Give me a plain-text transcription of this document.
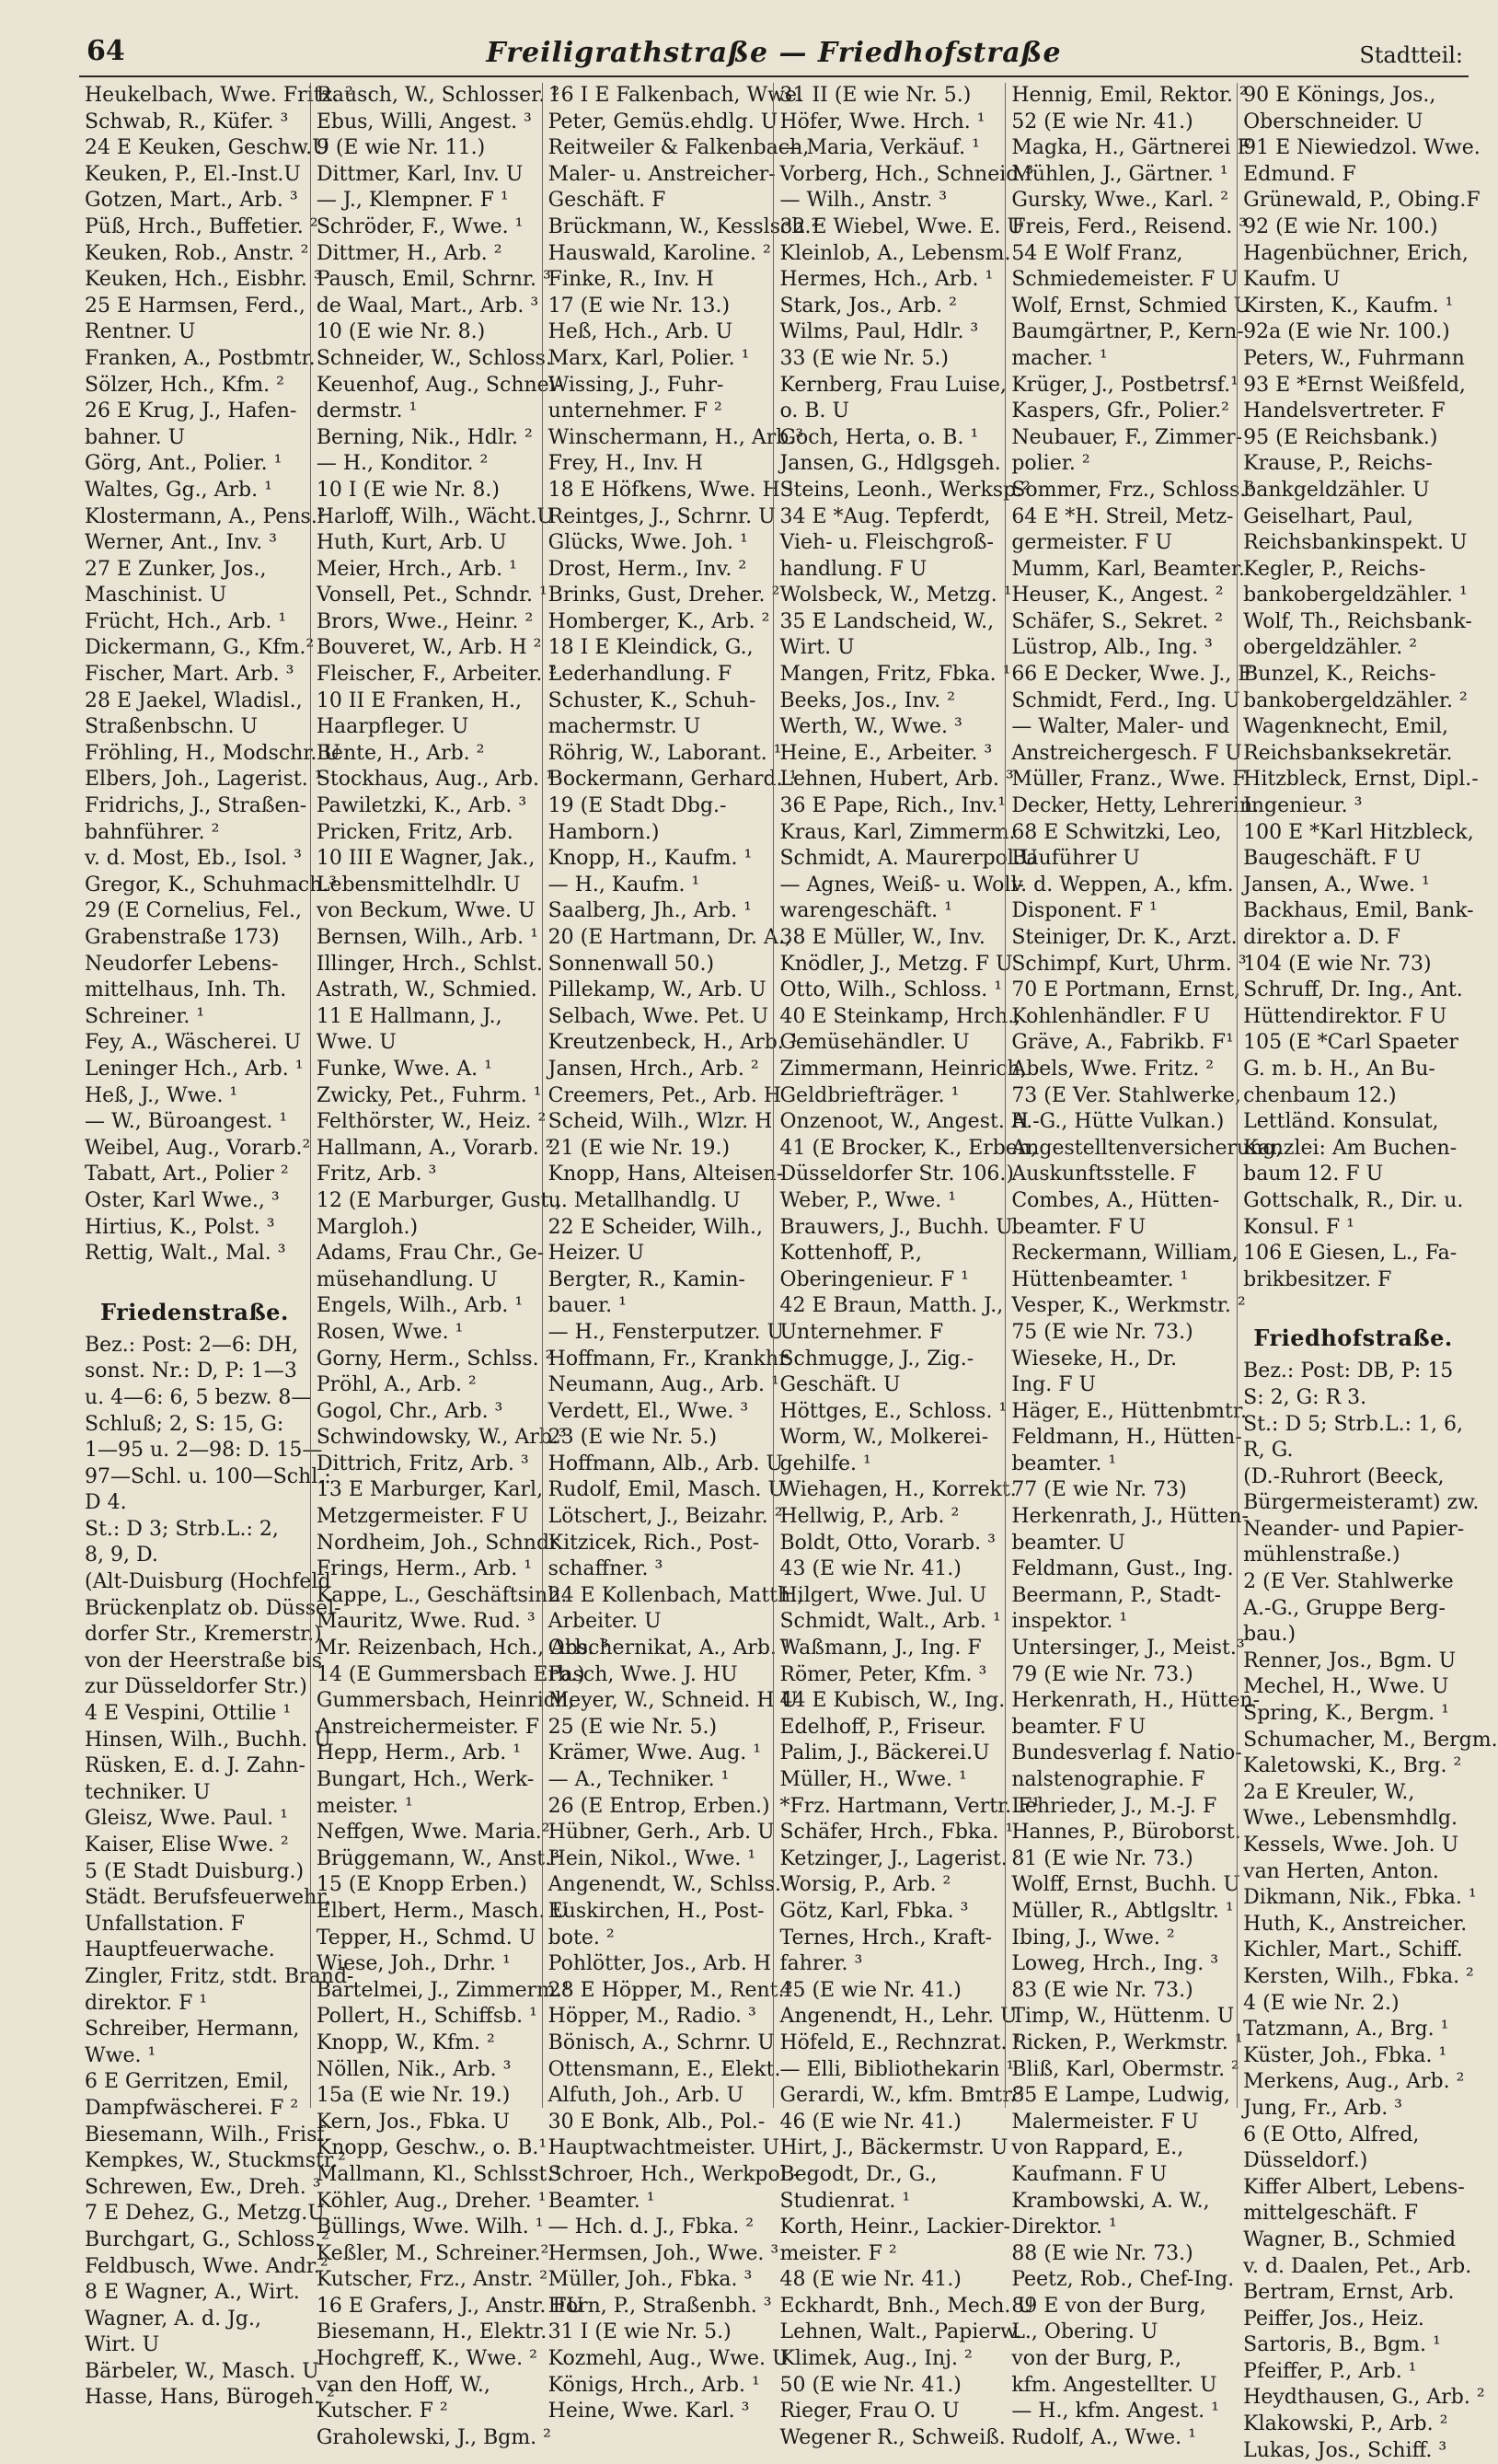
64	Freiligrathstraße — Friedhofstraße	Stadtteil:
Heukelbach, Wwe. Fritz. ²
Schwab, R., Küfer. ³
24 E Keuken, Geschw.U
Keuken, P., El.-Inst.U
Gotzen, Mart., Arb. ³
Püß, Hrch., Buffetier. ²
Keuken, Rob., Anstr. ²
Keuken, Hch., Eisbhr. ³
25 E Harmsen, Ferd.,
Rentner. U
Franken, A., Postbmtr.
Sölzer, Hch., Kfm. ²
26 E Krug, J., Hafen-
bahner. U
Görg, Ant., Polier. ¹
Waltes, Gg., Arb. ¹
Klostermann, A., Pens.²
Werner, Ant., Inv. ³
27 E Zunker, Jos.,
Maschinist. U
Frücht, Hch., Arb. ¹
Dickermann, G., Kfm.²
Fischer, Mart. Arb. ³
28 E Jaekel, Wladisl.,
Straßenbschn. U
Fröhling, H., Modschr. U
Elbers, Joh., Lagerist. ¹
Fridrichs, J., Straßen-
bahnführer. ²
v. d. Most, Eb., Isol. ³
Gregor, K., Schuhmach.³
29 (E Cornelius, Fel.,
Grabenstraße 173)
Neudorfer Lebens-
mittelhaus, Inh. Th.
Schreiner. ¹
Fey, A., Wäscherei. U
Leninger Hch., Arb. ¹
Heß, J., Wwe. ¹
— W., Büroangest. ¹
Weibel, Aug., Vorarb.²
Tabatt, Art., Polier ²
Oster, Karl Wwe., ³
Hirtius, K., Polst. ³
Rettig, Walt., Mal. ³
Friedenstraße.
Bez.: Post: 2—6: DH,
sonst. Nr.: D, P: 1—3
u. 4—6: 6, 5 bezw. 8—
Schluß; 2, S: 15, G:
1—95 u. 2—98: D. 15—
97—Schl. u. 100—Schl.:
D 4.
St.: D 3; Strb.L.: 2,
8, 9, D.
(Alt-Duisburg (Hochfeld
Brückenplatz ob. Düssel-
dorfer Str., Kremerstr.)
von der Heerstraße bis
zur Düsseldorfer Str.)
4 E Vespini, Ottilie ¹
Hinsen, Wilh., Buchh. U
Rüsken, E. d. J. Zahn-
techniker. U
Gleisz, Wwe. Paul. ¹
Kaiser, Elise Wwe. ²
5 (E Stadt Duisburg.)
Städt. Berufsfeuerwehr,
Unfallstation. F
Hauptfeuerwache.
Zingler, Fritz, stdt. Brand-
direktor. F ¹
Schreiber, Hermann,
Wwe. ¹
6 E Gerritzen, Emil,
Dampfwäscherei. F ²
Biesemann, Wilh., Frisf.
Kempkes, W., Stuckmstr.²
Schrewen, Ew., Dreh. ³
7 E Dehez, G., Metzg.U
Burchgart, G., Schloss.²
Feldbusch, Wwe. Andr.²
8 E Wagner, A., Wirt.
Wagner, A. d. Jg.,
Wirt. U
Bärbeler, W., Masch. U
Hasse, Hans, Bürogeh. ²
Rausch, W., Schlosser. ²
Ebus, Willi, Angest. ³
9 (E wie Nr. 11.)
Dittmer, Karl, Inv. U
— J., Klempner. F ¹
Schröder, F., Wwe. ¹
Dittmer, H., Arb. ²
Pausch, Emil, Schrnr. ³
de Waal, Mart., Arb. ³
10 (E wie Nr. 8.)
Schneider, W., Schloss.
Keuenhof, Aug., Schnei-
dermstr. ¹
Berning, Nik., Hdlr. ²
— H., Konditor. ²
10 I (E wie Nr. 8.)
Harloff, Wilh., Wächt.U
Huth, Kurt, Arb. U
Meier, Hrch., Arb. ¹
Vonsell, Pet., Schndr. ¹
Brors, Wwe., Heinr. ²
Bouveret, W., Arb. H ²
Fleischer, F., Arbeiter. ²
10 II E Franken, H.,
Haarpfleger. U
Bente, H., Arb. ²
Stockhaus, Aug., Arb. ¹
Pawiletzki, K., Arb. ³
Pricken, Fritz, Arb.
10 III E Wagner, Jak.,
Lebensmittelhdlr. U
von Beckum, Wwe. U
Bernsen, Wilh., Arb. ¹
Illinger, Hrch., Schlst.
Astrath, W., Schmied.
11 E Hallmann, J.,
Wwe. U
Funke, Wwe. A. ¹
Zwicky, Pet., Fuhrm. ¹
Felthörster, W., Heiz. ²
Hallmann, A., Vorarb. ²
Fritz, Arb. ³
12 (E Marburger, Gust.,
Margloh.)
Adams, Frau Chr., Ge-
müsehandlung. U
Engels, Wilh., Arb. ¹
Rosen, Wwe. ¹
Gorny, Herm., Schlss. ²
Pröhl, A., Arb. ²
Gogol, Chr., Arb. ³
Schwindowsky, W., Arb.³
Dittrich, Fritz, Arb. ³
13 E Marburger, Karl,
Metzgermeister. F U
Nordheim, Joh., Schndr.
Frings, Herm., Arb. ¹
Kappe, L., Geschäftsinh.
Mauritz, Wwe. Rud. ³
Mr. Reizenbach, Hch., Arb. ³
14 (E Gummersbach Erb.)
Gummersbach, Heinrich,
Anstreichermeister. F
Hepp, Herm., Arb. ¹
Bungart, Hch., Werk-
meister. ¹
Neffgen, Wwe. Maria.²
Brüggemann, W., Anst.³
15 (E Knopp Erben.)
Elbert, Herm., Masch. U
Tepper, H., Schmd. U
Wiese, Joh., Drhr. ¹
Bartelmei, J., Zimmerm.¹
Pollert, H., Schiffsb. ¹
Knopp, W., Kfm. ²
Nöllen, Nik., Arb. ³
15a (E wie Nr. 19.)
Kern, Jos., Fbka. U
Knopp, Geschw., o. B.¹
Mallmann, Kl., Schlsst.¹
Köhler, Aug., Dreher. ¹
Büllings, Wwe. Wilh. ¹
Keßler, M., Schreiner.²
Kutscher, Frz., Anstr. ²
16 E Grafers, J., Anstr. FU
Biesemann, H., Elektr.
Hochgreff, K., Wwe. ²
van den Hoff, W.,
Kutscher. F ²
Graholewski, J., Bgm. ²
16 I E Falkenbach, Wwe.
Peter, Gemüs.ehdlg. U
Reitweiler & Falkenbach,
Maler- u. Anstreicher-
Geschäft. F
Brückmann, W., Kesslsch.²
Hauswald, Karoline. ²
Finke, R., Inv. H
17 (E wie Nr. 13.)
Heß, Hch., Arb. U
Marx, Karl, Polier. ¹
Wissing, J., Fuhr-
unternehmer. F ²
Winschermann, H., Arb.³
Frey, H., Inv. H
18 E Höfkens, Wwe. H ¹
Reintges, J., Schrnr. U
Glücks, Wwe. Joh. ¹
Drost, Herm., Inv. ²
Brinks, Gust, Dreher. ²
Homberger, K., Arb. ²
18 I E Kleindick, G.,
Lederhandlung. F
Schuster, K., Schuh-
machermstr. U
Röhrig, W., Laborant. ¹
Bockermann, Gerhard. ¹
19 (E Stadt Dbg.-
Hamborn.)
Knopp, H., Kaufm. ¹
— H., Kaufm. ¹
Saalberg, Jh., Arb. ¹
20 (E Hartmann, Dr. A.,
Sonnenwall 50.)
Pillekamp, W., Arb. U
Selbach, Wwe. Pet. U
Kreutzenbeck, H., Arb. ¹
Jansen, Hrch., Arb. ²
Creemers, Pet., Arb. H
Scheid, Wilh., Wlzr. H
21 (E wie Nr. 19.)
Knopp, Hans, Alteisen-
u. Metallhandlg. U
22 E Scheider, Wilh.,
Heizer. U
Bergter, R., Kamin-
bauer. ¹
— H., Fensterputzer. U
Hoffmann, Fr., Krankhr.
Neumann, Aug., Arb. ¹
Verdett, El., Wwe. ³
23 (E wie Nr. 5.)
Hoffmann, Alb., Arb. U
Rudolf, Emil, Masch. U
Lötschert, J., Beizahr. ²
Kitzicek, Rich., Post-
schaffner. ³
24 E Kollenbach, Matth.,
Arbeiter. U
Obschernikat, A., Arb. ¹
Pasch, Wwe. J. HU
Meyer, W., Schneid. H U
25 (E wie Nr. 5.)
Krämer, Wwe. Aug. ¹
— A., Techniker. ¹
26 (E Entrop, Erben.)
Hübner, Gerh., Arb. U
Hein, Nikol., Wwe. ¹
Angenendt, W., Schlss. ¹
Euskirchen, H., Post-
bote. ²
Pohlötter, Jos., Arb. H
28 E Höpper, M., Rent.³
Höpper, M., Radio. ³
Bönisch, A., Schrnr. U
Ottensmann, E., Elekt.
Alfuth, Joh., Arb. U
30 E Bonk, Alb., Pol.-
Hauptwachtmeister. U
Schroer, Hch., Werkpol.-
Beamter. ¹
— Hch. d. J., Fbka. ²
Hermsen, Joh., Wwe. ³
Müller, Joh., Fbka. ³
Horn, P., Straßenbh. ³
31 I (E wie Nr. 5.)
Kozmehl, Aug., Wwe. U
Königs, Hrch., Arb. ¹
Heine, Wwe. Karl. ³
31 II (E wie Nr. 5.)
Höfer, Wwe. Hrch. ¹
— Maria, Verkäuf. ¹
Vorberg, Hch., Schneid.³
— Wilh., Anstr. ³
32 E Wiebel, Wwe. E. U
Kleinlob, A., Lebensm.
Hermes, Hch., Arb. ¹
Stark, Jos., Arb. ²
Wilms, Paul, Hdlr. ³
33 (E wie Nr. 5.)
Kernberg, Frau Luise,
o. B. U
Goch, Herta, o. B. ¹
Jansen, G., Hdlgsgeh.
Steins, Leonh., Werksp.²
34 E *Aug. Tepferdt,
Vieh- u. Fleischgroß-
handlung. F U
Wolsbeck, W., Metzg. ¹
35 E Landscheid, W.,
Wirt. U
Mangen, Fritz, Fbka. ¹
Beeks, Jos., Inv. ²
Werth, W., Wwe. ³
Heine, E., Arbeiter. ³
Lehnen, Hubert, Arb. ³
36 E Pape, Rich., Inv.¹
Kraus, Karl, Zimmerm.
Schmidt, A. Maurerpol.U
— Agnes, Weiß- u. Woll-
warengeschäft. ¹
38 E Müller, W., Inv.
Knödler, J., Metzg. F U
Otto, Wilh., Schloss. ¹
40 E Steinkamp, Hrch.,
Gemüsehändler. U
Zimmermann, Heinrich,
Geldbriefträger. ¹
Onzenoot, W., Angest. H
41 (E Brocker, K., Erben,
Düsseldorfer Str. 106.)
Weber, P., Wwe. ¹
Brauwers, J., Buchh. U
Kottenhoff, P.,
Oberingenieur. F ¹
42 E Braun, Matth. J.,
Unternehmer. F
Schmugge, J., Zig.-
Geschäft. U
Höttges, E., Schloss. ¹
Worm, W., Molkerei-
gehilfe. ¹
Wiehagen, H., Korrekt.
Hellwig, P., Arb. ²
Boldt, Otto, Vorarb. ³
43 (E wie Nr. 41.)
Hilgert, Wwe. Jul. U
Schmidt, Walt., Arb. ¹
Waßmann, J., Ing. F
Römer, Peter, Kfm. ³
44 E Kubisch, W., Ing.
Edelhoff, P., Friseur.
Palim, J., Bäckerei.U
Müller, H., Wwe. ¹
*Frz. Hartmann, Vertr. F¹
Schäfer, Hrch., Fbka. ¹
Ketzinger, J., Lagerist.
Worsig, P., Arb. ²
Götz, Karl, Fbka. ³
Ternes, Hrch., Kraft-
fahrer. ³
45 (E wie Nr. 41.)
Angenendt, H., Lehr. U
Höfeld, E., Rechnzrat. ¹
— Elli, Bibliothekarin ¹
Gerardi, W., kfm. Bmtr.²
46 (E wie Nr. 41.)
Hirt, J., Bäckermstr. U
Begodt, Dr., G.,
Studienrat. ¹
Korth, Heinr., Lackier-
meister. F ²
48 (E wie Nr. 41.)
Eckhardt, Bnh., Mech. U
Lehnen, Walt., Papierw.
Klimek, Aug., Inj. ²
50 (E wie Nr. 41.)
Rieger, Frau O. U
Wegener R., Schweiß. ¹
Hennig, Emil, Rektor. ²
52 (E wie Nr. 41.)
Magka, H., Gärtnerei F
Mühlen, J., Gärtner. ¹
Gursky, Wwe., Karl. ²
Freis, Ferd., Reisend. ³
54 E Wolf Franz,
Schmiedemeister. F U
Wolf, Ernst, Schmied U
Baumgärtner, P., Kern-
macher. ¹
Krüger, J., Postbetrsf.¹
Kaspers, Gfr., Polier.²
Neubauer, F., Zimmer-
polier. ²
Sommer, Frz., Schloss.³
64 E *H. Streil, Metz-
germeister. F U
Mumm, Karl, Beamter.
Heuser, K., Angest. ²
Schäfer, S., Sekret. ²
Lüstrop, Alb., Ing. ³
66 E Decker, Wwe. J., F
Schmidt, Ferd., Ing. U
— Walter, Maler- und
Anstreichergesch. F U
Müller, Franz., Wwe. F
Decker, Hetty, Lehrerin.
68 E Schwitzki, Leo,
Bauführer U
v. d. Weppen, A., kfm.
Disponent. F ¹
Steiniger, Dr. K., Arzt.
Schimpf, Kurt, Uhrm. ³
70 E Portmann, Ernst,
Kohlenhändler. F U
Gräve, A., Fabrikb. F¹
Abels, Wwe. Fritz. ²
73 (E Ver. Stahlwerke,
A.-G., Hütte Vulkan.)
Angestelltenversicherung,
Auskunftsstelle. F
Combes, A., Hütten-
beamter. F U
Reckermann, William,
Hüttenbeamter. ¹
Vesper, K., Werkmstr. ²
75 (E wie Nr. 73.)
Wieseke, H., Dr.
Ing. F U
Häger, E., Hüttenbmtr.
Feldmann, H., Hütten-
beamter. ¹
77 (E wie Nr. 73)
Herkenrath, J., Hütten-
beamter. U
Feldmann, Gust., Ing.
Beermann, P., Stadt-
inspektor. ¹
Untersinger, J., Meist.³
79 (E wie Nr. 73.)
Herkenrath, H., Hütten-
beamter. F U
Bundesverlag f. Natio-
nalstenographie. F
Lehrieder, J., M.-J. F
Hannes, P., Büroborst.
81 (E wie Nr. 73.)
Wolff, Ernst, Buchh. U
Müller, R., Abtlgsltr. ¹
Ibing, J., Wwe. ²
Loweg, Hrch., Ing. ³
83 (E wie Nr. 73.)
Timp, W., Hüttenm. U
Ricken, P., Werkmstr. ¹
Bliß, Karl, Obermstr. ²
85 E Lampe, Ludwig,
Malermeister. F U
von Rappard, E.,
Kaufmann. F U
Krambowski, A. W.,
Direktor. ¹
88 (E wie Nr. 73.)
Peetz, Rob., Chef-Ing.
89 E von der Burg,
L., Obering. U
von der Burg, P.,
kfm. Angestellter. U
— H., kfm. Angest. ¹
Rudolf, A., Wwe. ¹
90 E Könings, Jos.,
Oberschneider. U
91 E Niewiedzol. Wwe.
Edmund. F
Grünewald, P., Obing.F
92 (E wie Nr. 100.)
Hagenbüchner, Erich,
Kaufm. U
Kirsten, K., Kaufm. ¹
92a (E wie Nr. 100.)
Peters, W., Fuhrmann
93 E *Ernst Weißfeld,
Handelsvertreter. F
95 (E Reichsbank.)
Krause, P., Reichs-
bankgeldzähler. U
Geiselhart, Paul,
Reichsbankinspekt. U
Kegler, P., Reichs-
bankobergeldzähler. ¹
Wolf, Th., Reichsbank-
obergeldzähler. ²
Bunzel, K., Reichs-
bankobergeldzähler. ²
Wagenknecht, Emil,
Reichsbanksekretär.
Hitzbleck, Ernst, Dipl.-
Ingenieur. ³
100 E *Karl Hitzbleck,
Baugeschäft. F U
Jansen, A., Wwe. ¹
Backhaus, Emil, Bank-
direktor a. D. F
104 (E wie Nr. 73)
Schruff, Dr. Ing., Ant.
Hüttendirektor. F U
105 (E *Carl Spaeter
G. m. b. H., An Bu-
chenbaum 12.)
Lettländ. Konsulat,
Kanzlei: Am Buchen-
baum 12. F U
Gottschalk, R., Dir. u.
Konsul. F ¹
106 E Giesen, L., Fa-
brikbesitzer. F
Friedhofstraße.
Bez.: Post: DB, P: 15
S: 2, G: R 3.
St.: D 5; Strb.L.: 1, 6,
R, G.
(D.-Ruhrort (Beeck,
Bürgermeisteramt) zw.
Neander- und Papier-
mühlenstraße.)
2 (E Ver. Stahlwerke
A.-G., Gruppe Berg-
bau.)
Renner, Jos., Bgm. U
Mechel, H., Wwe. U
Spring, K., Bergm. ¹
Schumacher, M., Bergm.
Kaletowski, K., Brg. ²
2a E Kreuler, W.,
Wwe., Lebensmhdlg.
Kessels, Wwe. Joh. U
van Herten, Anton.
Dikmann, Nik., Fbka. ¹
Huth, K., Anstreicher.
Kichler, Mart., Schiff.
Kersten, Wilh., Fbka. ²
4 (E wie Nr. 2.)
Tatzmann, A., Brg. ¹
Küster, Joh., Fbka. ¹
Merkens, Aug., Arb. ²
Jung, Fr., Arb. ³
6 (E Otto, Alfred,
Düsseldorf.)
Kiffer Albert, Lebens-
mittelgeschäft. F
Wagner, B., Schmied
v. d. Daalen, Pet., Arb.
Bertram, Ernst, Arb.
Peiffer, Jos., Heiz.
Sartoris, B., Bgm. ¹
Pfeiffer, P., Arb. ¹
Heydthausen, G., Arb. ²
Klakowski, P., Arb. ²
Lukas, Jos., Schiff. ³
